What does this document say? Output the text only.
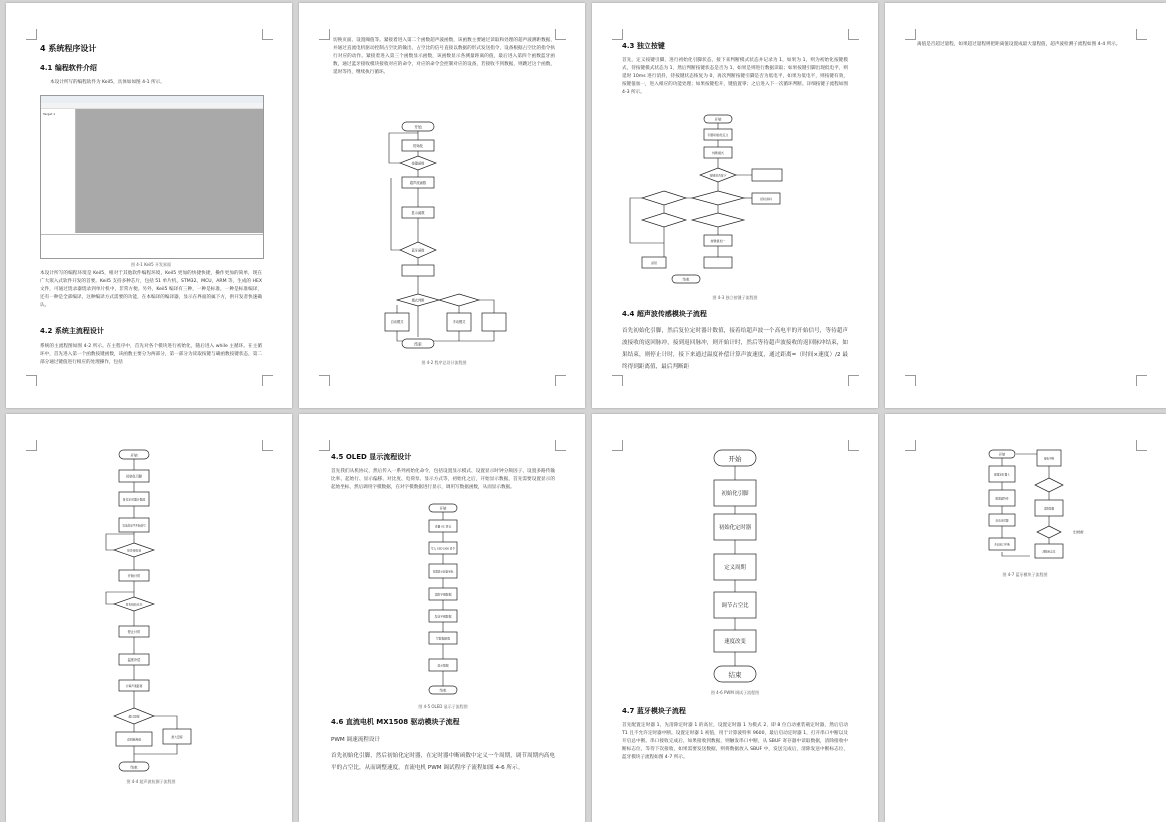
4 系统程序设计
4.1 编程软件介绍
本设计所写的编程软件为 Keil5，具体如如图 4-1 所示。
Target 1
图 4-1 Keil5 开发界面
本设计所写的编程环境是 Keil5，相对于其他软件编程环境，Keil5 更加的快捷快捷，操作更加的简单，现在广大嵌入式软件开发的首要。Keil5 支持多种芯片，包括 51 单片机、STM32、MCU、ARM 等，生成的 HEX 文件，可通过烧录器烧录到单片机中，非常方便。另外，Keil5 编译有三种，一种是标准，一种是标准编译，还有一种是全部编译，这种编译方式需要的功能，在本编译的编译器，显示在界面的属下方，供开发者快速确认。
4.2 系统主流程设计
系统的主流程图如图 4-2 所示。在主程序中，首先对各个模块进行初始化，随后进入 while 主循环。在主循环中，首先进入第一个函数按键函数，该函数主要分为两部分，第一部分为读取按键与确函数按键状态，第二部分通过键值进行相应的处理操作，包括
切换页面、设置阈值等。紧接着进入第二个函数超声波函数，该函数主要通过读取和处理的超声波测距数据，并通过直流电机驱动控制占空比的输出，占空比的信号直接以数据的形式发送指令，设备根据占空比的指令执行对应的动作。紧接着进入第三个函数显示函数，该函数显示各测量距离的值，最后进入第四个函数蓝牙函数，通过蓝牙接收模块接收对应的命令，对应的命令会控制对应的设备，若接收不到数据，则跳过这个函数，延时等待，继续执行循环。
开始
初始化
按键函数
超声波函数
显示函数
蓝牙函数
模式判断
自动模式	手动模式
结束
图 4-2 程序总设计流程图
4.3 独立按键
首先，定义按键引脚，进行初始化引脚状态，接下来判断模式状态并记录为 1，如果为 1，则为初始化按键模式，待按键模式状态为 1，然后判断按键状态是否为 1，如果是则进行数据读取；如果按键引脚出现低电平，则延时 10ms 进行消抖，待按键状态恢复为 0，再次判断按键引脚是否为低电平，如果为低电平，则按键有效，按键值加一，进入相应的功能处理；如果按键松开，键值置零；之后进入下一次循环判断。详细按键子流程如图 4-3 所示。
开始
引脚初始化定义
判断模式
按键是否按下
延时消抖
按键值加一
返回
结束
图 4-3 独立按键子流程图
4.4 超声波传感模块子流程
首先初始化引脚，然后复位定时器计数值，接着给超声波一个高电平的开始信号，等待超声波接收的返回脉冲，接到返回脉冲，则开始计时，然后等待超声波接收的返回脉冲结束，如果结束，则停止计时，接下来通过温度补偿计算声波速度，通过距离=（时间×速度）/2 最终得到距离值，最后判断距
离值是否超过量程，如果超过量程则把距离值设置成最大量程值，超声波检测子流程如图 4-4 所示。
开始
初始化引脚
复位定时器计数值
发送高电平开始信号
是否接收到
开始计时
是否接收完毕
停止计时
温度补偿
计算声速距离
超过量程
返回距离值
最大量程
结束
图 4-4 超声波检测子流程图
4.5 OLED 显示流程设计
首先我们从机协议，然后传入一系列初始化命令，包括设置显示模式、设置显示时钟分频因子、设置多路传输比率、起始行、显示偏移、对比度、电荷泵、显示方式等，初始化之后，开始显示数据，首先需要设置显示的起始坐标，然后调用字模数据，在对字模数据进行显示，调用写数据函数，从而显示数据。
开始
设置 IIC 协议
写入 SSD1306 命令
设置显示起始坐标
读取字模数据
发送字模数据
写数据函数
显示数据
结束
图 4-5 OLED 显示子流程图
4.6 直流电机 MX1508 驱动模块子流程
PWM 调速流程设计
首先初始化引脚，然后初始化定时器，在定时器中断函数中定义一个周期，调节周期内高电平的占空比，从而调整速度，直流电机 PWM 调试程序子流程如图 4-6 所示。
开始
初始化引脚
初始化定时器
定义周期
调节占空比
速度改变
结束
图 4-6 PWM 调试子流程图
4.7 蓝牙模块子流程
首先配置定时器 1，先清除定时器 1 的高位，设置定时器 1 为模式 2，即 8 位自动重装载定时器，然后启动 T1 且不允许定时器中断。设置定时器 1 初值，用于计算波特率 9600，最后启动定时器 1，打开串口中断以及开启总中断。串口接收完成后，如果接收到数据，则触发串口中断，从 SBUF 寄存器中读取数据，清除接收中断标志位，等待下次接收，如果需要发送数据，则将数据放入 SBUF 中，发送完成后，清除发送中断标志位，蓝牙模块子流程如图 4-7 所示。
开始
配置定时器 1
配置波特率
启动定时器
开启串口中断
接收中断
读取数据
清除标志位
发送数据
图 4-7 蓝牙模块子流程图
